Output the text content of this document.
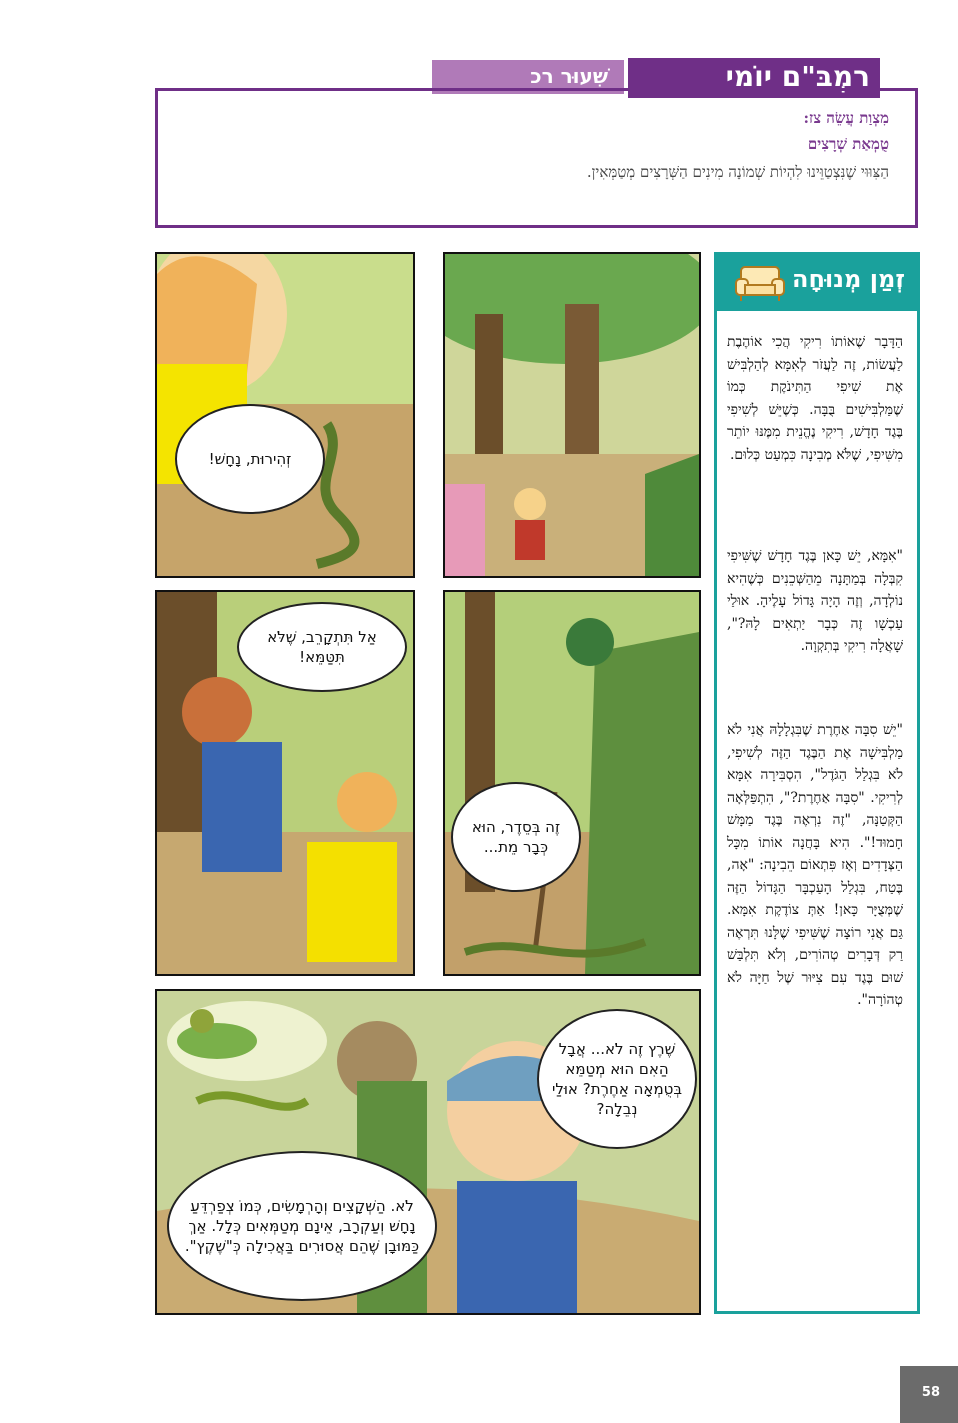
שִׁעוּר רכ	רַמְבַּ"ם יוֹמִי
מִצְוַת עֲשֵׂה צז:
טֻמְאַת שְׁרָצִים
הַצִּוּוּי שֶׁנִּצְטַוֵּינוּ לִהְיוֹת שְׁמוֹנָה מִינִים הַשְּׁרָצִים מְטַמְּאִין.
זְמַן מְנוּחָה

הַדָּבָר שֶׁאוֹתוֹ רִיקִי הֲכִי אוֹהֶבֶת לַעֲשׂוֹת, זֶה לַעֲזֹר לְאִמָּא לְהַלְבִּישׁ אֶת שִׁיפִי הַתִּינֹקֶת כְּמוֹ שֶׁמַּלְבִּישִׁים בֻּבָּה. כְּשֶׁיֵּשׁ לְשִׁיפִי בֶּגֶד חָדָשׁ, רִיקִי נֶהֱנֵית מִמֶּנּוּ יוֹתֵר מִשִּׁיפִי, שֶׁלֹּא מְבִינָה כִּמְעַט כְּלוּם.

"אִמָּא, יֵשׁ כָּאן בֶּגֶד חָדָשׁ שֶׁשִּׁיפִי קִבְּלָה בְּמַתָּנָה מֵהַשְּׁכֵנִים כְּשֶׁהִיא נוֹלְדָה, וְזֶה הָיָה גָּדוֹל עָלֶיהָ. אוּלַי עַכְשָׁו זֶה כְּבָר יַתְאִים לָהּ?", שָׁאֲלָה רִיקִי בְּתִקְוָה.

"יֵשׁ סִבָּה אַחֶרֶת שֶׁבִּגְלָלָהּ אֲנִי לֹא מַלְבִּישָׁה אֶת הַבֶּגֶד הַזֶּה לְשִׁיפִי, לֹא בִּגְלַל הַגֹּדֶל", הִסְבִּירָה אִמָּא לְרִיקִי. "סִבָּה אַחֶרֶת?", הִתְפַּלְּאָה הַקְּטַנָּה, "זֶה נִרְאֶה בֶּגֶד מַמָּשׁ חָמוּד!". הִיא בָּחֲנָה אוֹתוֹ מִכָּל הַצְּדָדִים וְאָז פִּתְאוֹם הֵבִינָה: "אָה, בֶּטַח, בִּגְלַל הָעַכְבָּר הַגָּדוֹל הַזֶּה שֶׁמְּצֻיָּר כָּאן! אַתְּ צוֹדֶקֶת אִמָּא. גַּם אֲנִי רוֹצָה שֶׁשִּׁיפִי שֶׁלָּנוּ תִּרְאֶה רַק דְּבָרִים טְהוֹרִים, וְלֹא תִּלְבַּשׁ שׁוּם בֶּגֶד עִם צִיּוּר שֶׁל חַיָּה לֹא טְהוֹרָה".

זְהִירוּת, נָחָשׁ!
אַל תִּתְקָרֵב, שֶׁלֹּא תִּטַּמֵּא!
זֶה בְּסֵדֶר, הוּא כְּבָר מֵת...
שֶׁרֶץ זֶה לֹא... אֲבָל הַאִם הוּא מְטַמֵּא בְּטֻמְאָה אַחֶרֶת? אוּלַי נְבֵלָה?
לֹא. הַשְּׁקָצִים וְהָרְמָשִׂים, כְּמוֹ צְפַרְדֵּעַ נָחָשׁ וְעַקְרָב, אֵינָם מְטַמְּאִים כְּלָל. אַךְ כַּמּוּבָן שֶׁהֵם אֲסוּרִים בַּאֲכִילָה כְּ"שֶׁקֶץ".
58
